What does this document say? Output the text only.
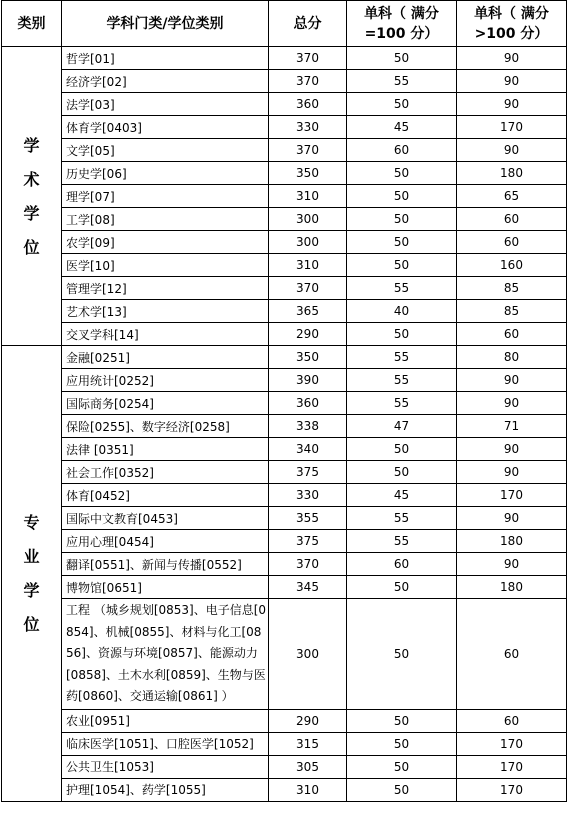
类别	学科门类/学位类别	总分	单科（ 满分=100 分）	单科（ 满分>100 分）

学
术
学
位	哲学[01]	370	50	90
	经济学[02]	370	55	90
	法学[03]	360	50	90
	体育学[0403]	330	45	170
	文学[05]	370	60	90
	历史学[06]	350	50	180
	理学[07]	310	50	65
	工学[08]	300	50	60
	农学[09]	300	50	60
	医学[10]	310	50	160
	管理学[12]	370	55	85
	艺术学[13]	365	40	85
	交叉学科[14]	290	50	60

专
业
学
位	金融[0251]	350	55	80
	应用统计[0252]	390	55	90
	国际商务[0254]	360	55	90
	保险[0255]、数字经济[0258]	338	47	71
	法律 [0351]	340	50	90
	社会工作[0352]	375	50	90
	体育[0452]	330	45	170
	国际中文教育[0453]	355	55	90
	应用心理[0454]	375	55	180
	翻译[0551]、新闻与传播[0552]	370	60	90
	博物馆[0651]	345	50	180
	工程 （城乡规划[0853]、电子信息[0854]、机械[0855]、材料与化工[0856]、资源与环境[0857]、能源动力[0858]、土木水利[0859]、生物与医药[0860]、交通运输[0861] ）	300	50	60
	农业[0951]	290	50	60
	临床医学[1051]、口腔医学[1052]	315	50	170
	公共卫生[1053]	305	50	170
	护理[1054]、药学[1055]	310	50	170
